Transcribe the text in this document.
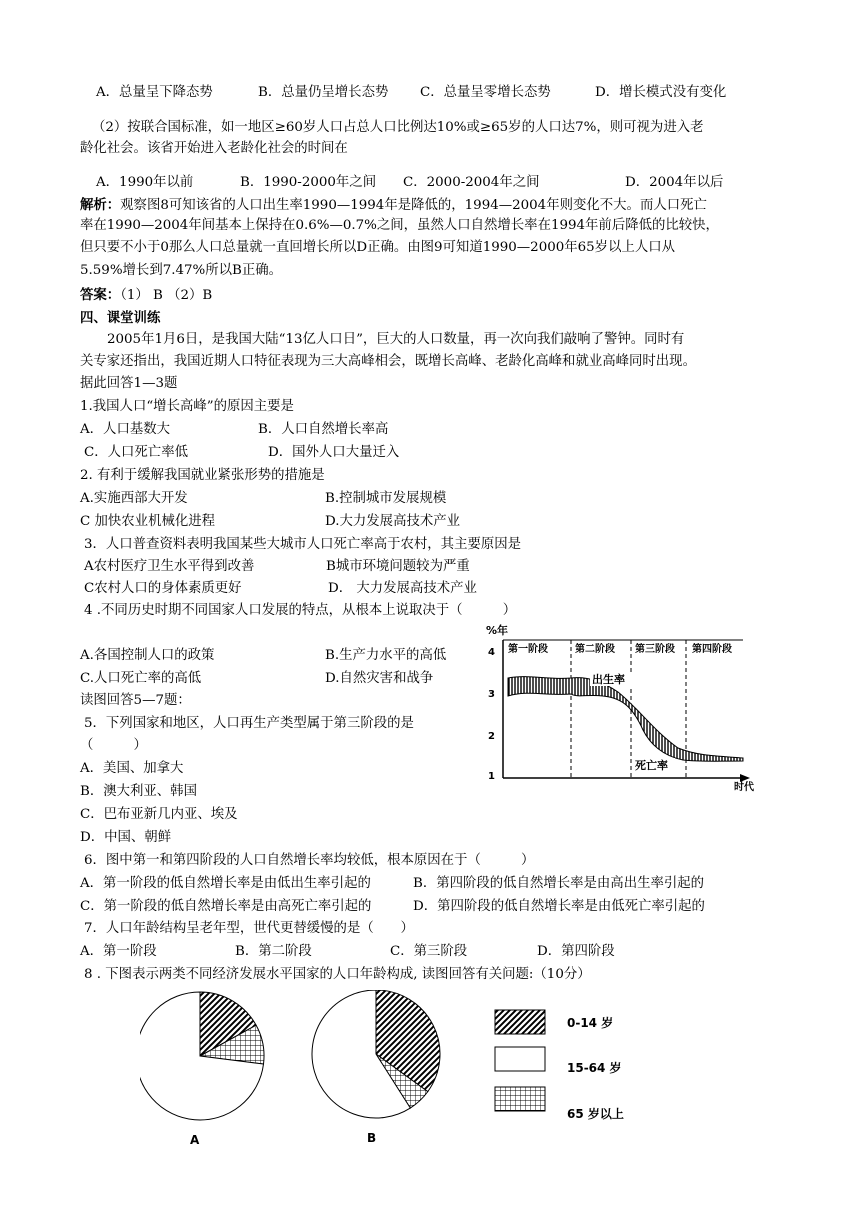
A．总量呈下降态势	B．总量仍呈增长态势 C．总量呈零增长态势	D．增长模式没有变化
（2）按联合国标准，如一地区≥60岁人口占总人口比例达10%或≥65岁的人口达7%，则可视为进入老
龄化社会。该省开始进入老龄化社会的时间在
A．1990年以前	B．1990-2000年之间 C．2000-2004年之间	D．2004年以后
解析：观察图8可知该省的人口出生率1990—1994年是降低的，1994—2004年则变化不大。而人口死亡
率在1990—2004年间基本上保持在0.6%—0.7%之间，虽然人口自然增长率在1994年前后降低的比较快，
但只要不小于0那么人口总量就一直回增长所以D正确。由图9可知道1990—2000年65岁以上人口从
5.59%增长到7.47%所以B正确。
答案：（1） B （2）B
四、课堂训练
2005年1月6日，是我国大陆“13亿人口日”，巨大的人口数量，再一次向我们敲响了警钟。同时有
关专家还指出，我国近期人口特征表现为三大高峰相会，既增长高峰、老龄化高峰和就业高峰同时出现。
据此回答1—3题
1.我国人口“增长高峰”的原因主要是
A．人口基数大	B．人口自然增长率高
C．人口死亡率低	D．国外人口大量迁入
2. 有利于缓解我国就业紧张形势的措施是
A.实施西部大开发	B.控制城市发展规模
C 加快农业机械化进程	D.大力发展高技术产业
3．人口普查资料表明我国某些大城市人口死亡率高于农村，其主要原因是
A农村医疗卫生水平得到改善	B城市环境问题较为严重
C农村人口的身体素质更好	D． 大力发展高技术产业
4 .不同历史时期不同国家人口发展的特点，从根本上说取决于（　　　）
A.各国控制人口的政策	B.生产力水平的高低
C.人口死亡率的高低	D.自然灾害和战争
读图回答5—7题：
5．下列国家和地区，人口再生产类型属于第三阶段的是
（　　　）
A．美国、加拿大
B．澳大利亚、韩国
C．巴布亚新几内亚、埃及
D．中国、朝鲜
6．图中第一和第四阶段的人口自然增长率均较低，根本原因在于（　　　）
A．第一阶段的低自然增长率是由低出生率引起的	B．第四阶段的低自然增长率是由高出生率引起的
C．第一阶段的低自然增长率是由高死亡率引起的	D．第四阶段的低自然增长率是由低死亡率引起的
7．人口年龄结构呈老年型，世代更替缓慢的是（　　）
A．第一阶段	B．第二阶段	C．第三阶段	D．第四阶段
8 . 下图表示两类不同经济发展水平国家的人口年龄构成, 读图回答有关问题:（10分）
%年
4
3
2
1
时代
第一阶段	第二阶段 第三阶段 第四阶段
出生率
死亡率
A	B
0-14 岁
15-64 岁
65 岁以上
